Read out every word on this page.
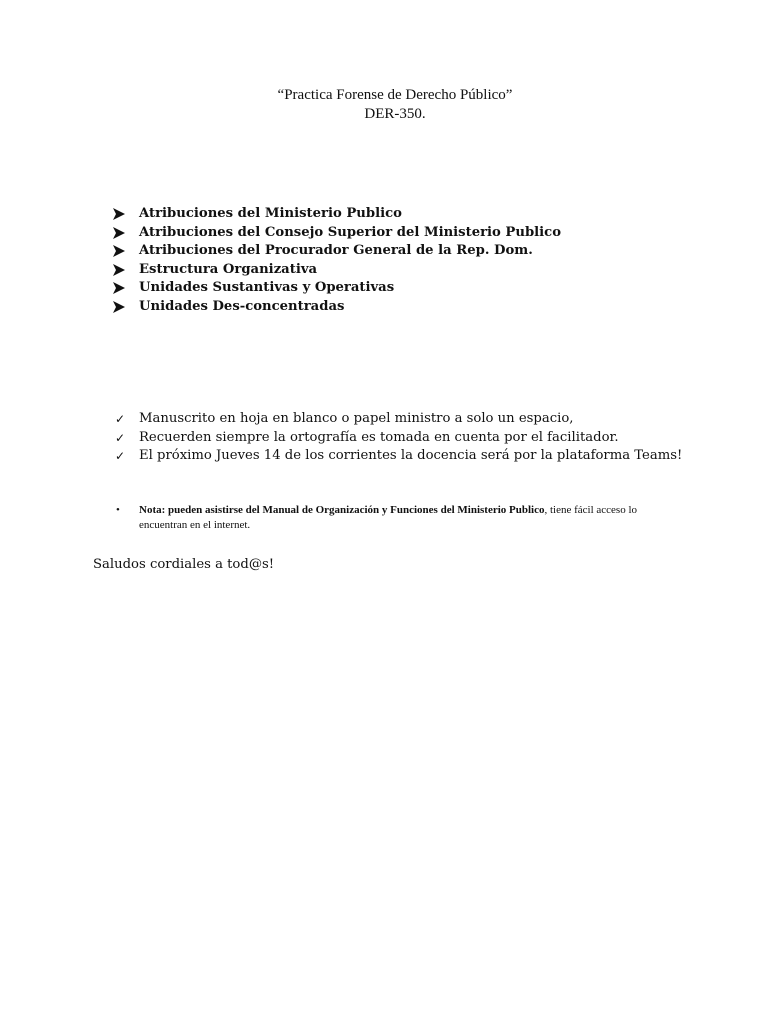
“Practica Forense de Derecho Público”
DER-350.
Atribuciones del Ministerio Publico
Atribuciones del Consejo Superior del Ministerio Publico
Atribuciones del Procurador General de la Rep. Dom.
Estructura Organizativa
Unidades Sustantivas y Operativas
Unidades Des-concentradas
✓	Manuscrito en hoja en blanco o papel ministro a solo un espacio,
✓	Recuerden siempre la ortografía es tomada en cuenta por el facilitador.
✓	El próximo Jueves 14 de los corrientes la docencia será por la plataforma Teams!
•	Nota: pueden asistirse del Manual de Organización y Funciones del Ministerio Publico, tiene fácil acceso lo encuentran en el internet.
Saludos cordiales a tod@s!
